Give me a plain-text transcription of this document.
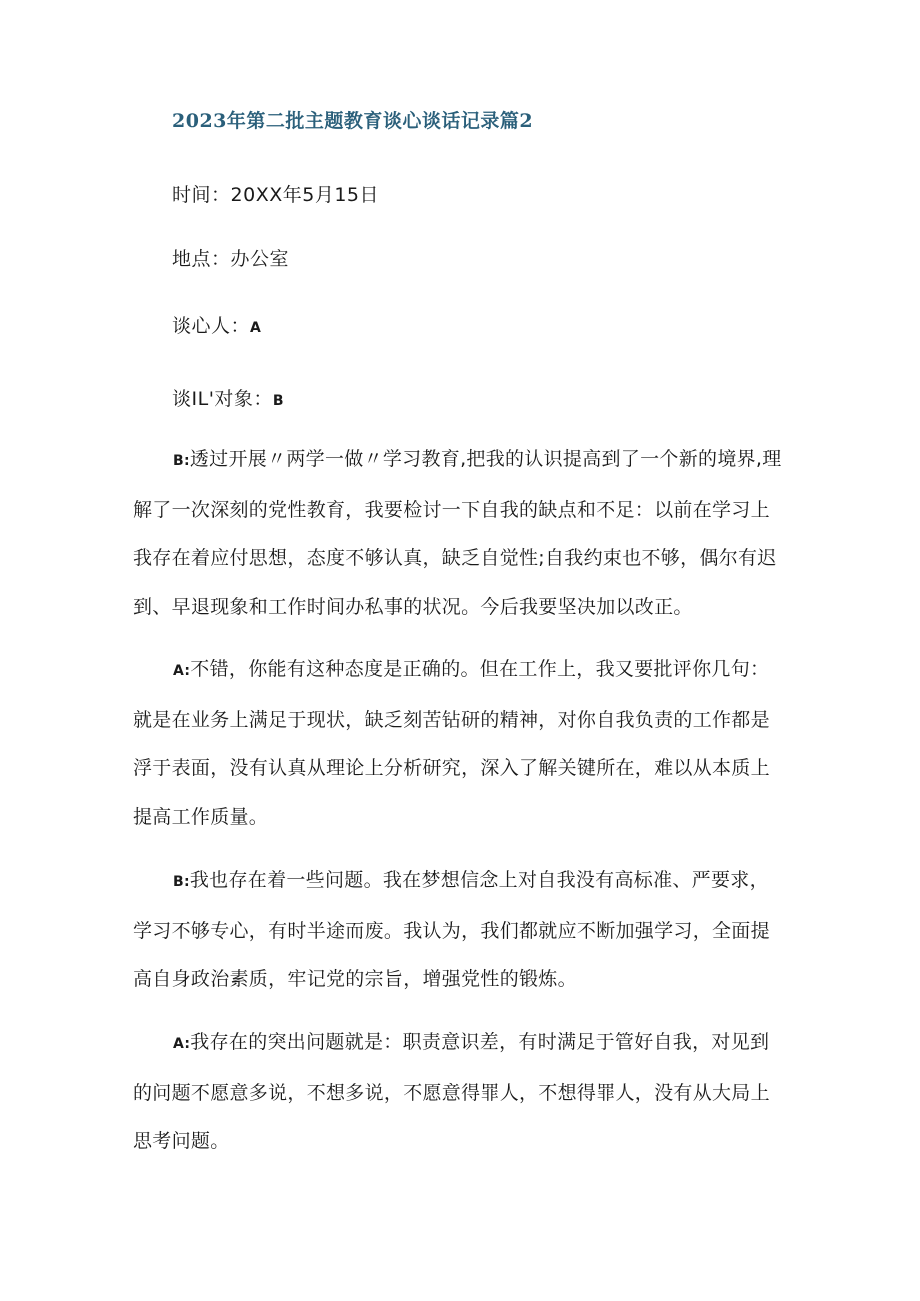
2023年第二批主题教育谈心谈话记录篇2
时间：20XX年5月15日
地点：办公室
谈心人：A
谈IL'对象：B
B:透过开展〃两学一做〃学习教育,把我的认识提高到了一个新的境界,理解了一次深刻的党性教育，我要检讨一下自我的缺点和不足：以前在学习上我存在着应付思想，态度不够认真，缺乏自觉性;自我约束也不够，偶尔有迟到、早退现象和工作时间办私事的状况。今后我要坚决加以改正。
A:不错，你能有这种态度是正确的。但在工作上，我又要批评你几句：就是在业务上满足于现状，缺乏刻苦钻研的精神，对你自我负责的工作都是浮于表面，没有认真从理论上分析研究，深入了解关键所在，难以从本质上提高工作质量。
B:我也存在着一些问题。我在梦想信念上对自我没有高标准、严要求，学习不够专心，有时半途而废。我认为，我们都就应不断加强学习，全面提高自身政治素质，牢记党的宗旨，增强党性的锻炼。
A:我存在的突出问题就是：职责意识差，有时满足于管好自我，对见到的问题不愿意多说，不想多说，不愿意得罪人，不想得罪人，没有从大局上思考问题。
